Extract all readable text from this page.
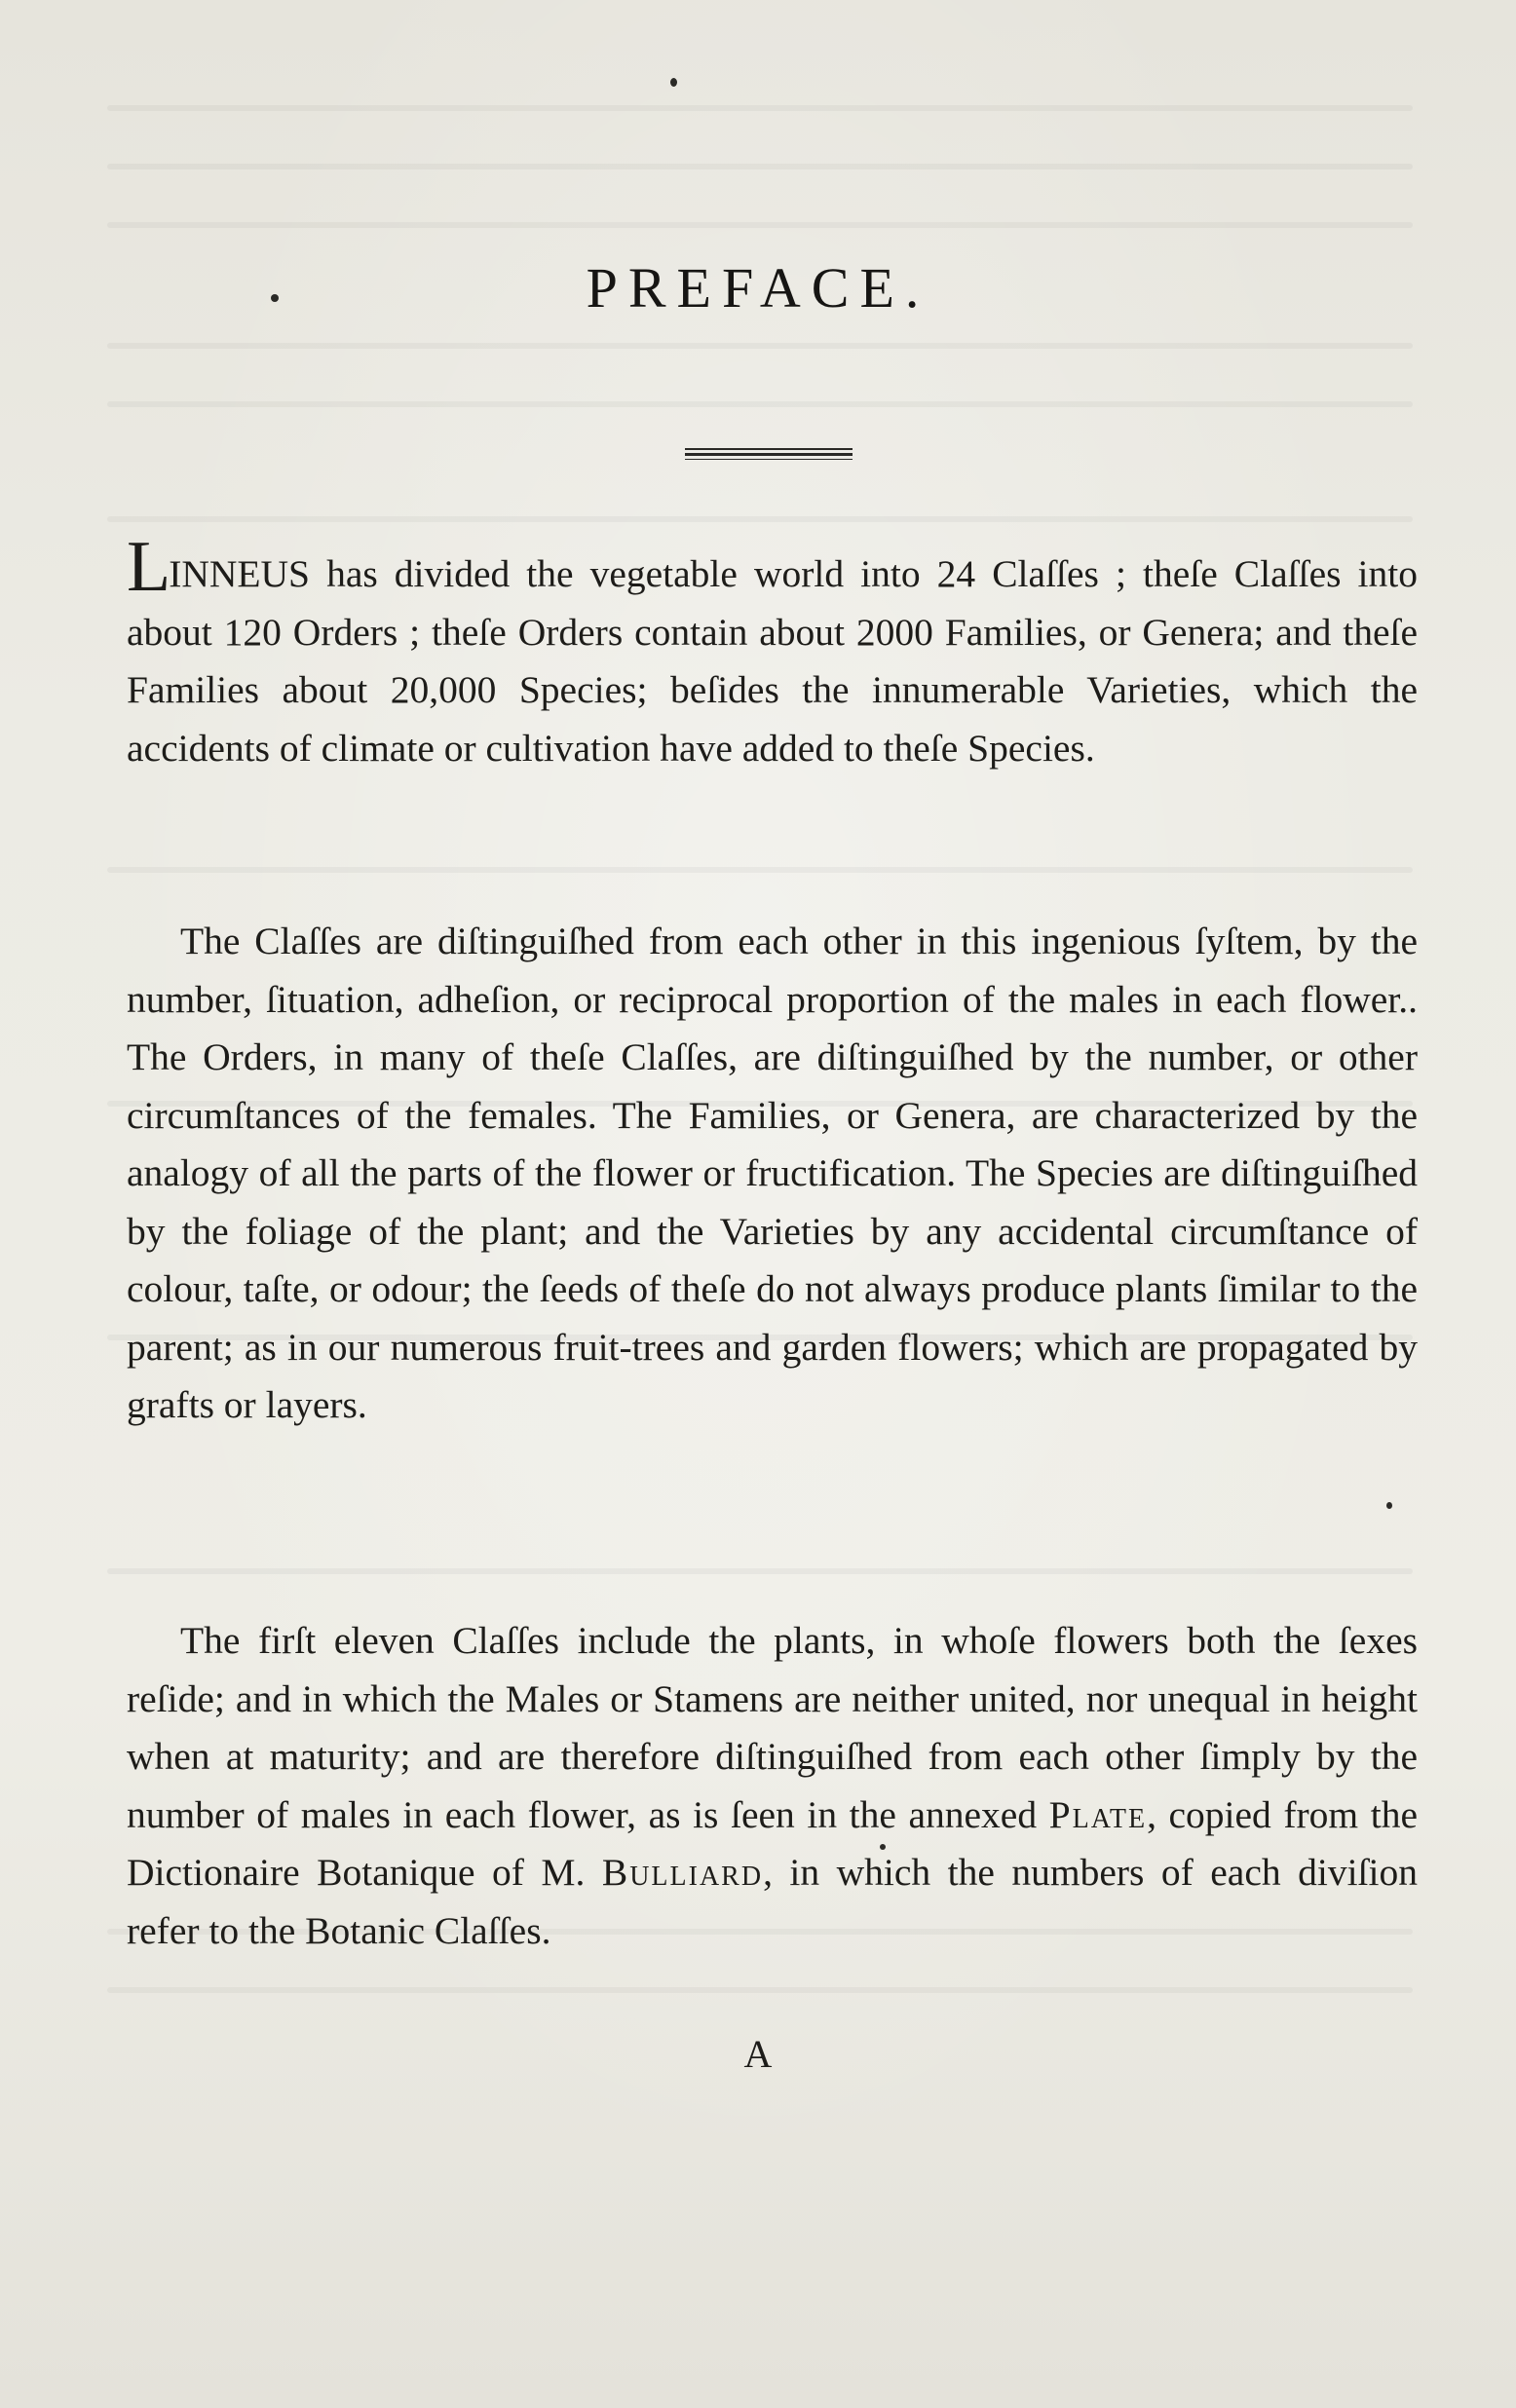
PREFACE.

LINNEUS has divided the vegetable world into 24 Claſſes ; theſe Claſſes into about 120 Orders ; theſe Orders contain about 2000 Families, or Genera; and theſe Families about 20,000 Species; beſides the innumerable Varieties, which the accidents of climate or cultivation have added to theſe Species.

The Claſſes are diſtinguiſhed from each other in this ingenious ſyſtem, by the number, ſituation, adheſion, or reciprocal proportion of the males in each flower.. The Orders, in many of theſe Claſſes, are diſtinguiſhed by the number, or other circumſtances of the females. The Families, or Genera, are characterized by the analogy of all the parts of the flower or fructification. The Species are diſtinguiſhed by the foliage of the plant; and the Varieties by any accidental circumſtance of colour, taſte, or odour; the ſeeds of theſe do not always produce plants ſimilar to the parent; as in our numerous fruit-trees and garden flowers; which are propagated by grafts or layers.

The firſt eleven Claſſes include the plants, in whoſe flowers both the ſexes reſide; and in which the Males or Stamens are neither united, nor unequal in height when at maturity; and are therefore diſtinguiſhed from each other ſimply by the number of males in each flower, as is ſeen in the annexed Plate, copied from the Dictionaire Botanique of M. Bulliard, in which the numbers of each diviſion refer to the Botanic Claſſes.

A
